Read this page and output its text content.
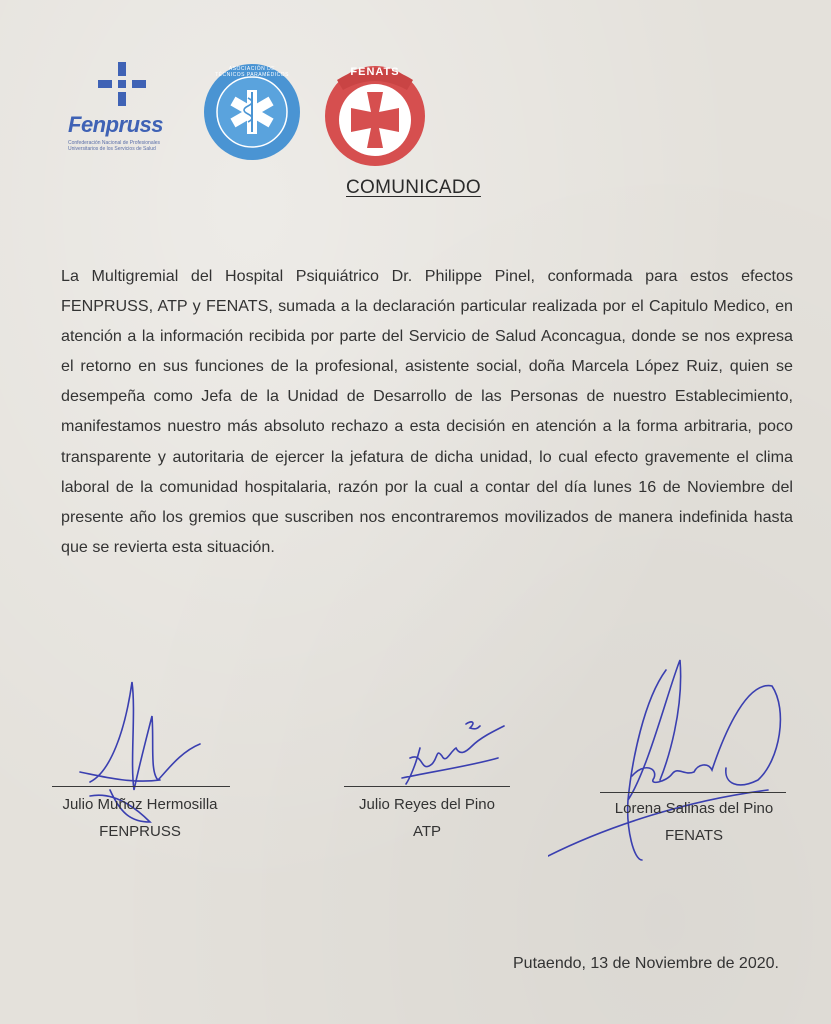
Fenpruss
Confederación Nacional de Profesionales Universitarios de los Servicios de Salud
ASOCIACIÓN DE TÉCNICOS PARAMÉDICOS	FENATS
COMUNICADO
La Multigremial del Hospital Psiquiátrico Dr. Philippe Pinel, conformada para estos efectos FENPRUSS, ATP y FENATS, sumada a la declaración particular realizada por el Capitulo Medico, en atención a la información recibida por parte del Servicio de Salud Aconcagua, donde se nos expresa el retorno en sus funciones de la profesional, asistente social, doña Marcela López Ruiz, quien se desempeña como Jefa de la Unidad de Desarrollo de las Personas de nuestro Establecimiento, manifestamos nuestro más absoluto rechazo a esta decisión en atención a la forma arbitraria, poco transparente y autoritaria de ejercer la jefatura de dicha unidad, lo cual efecto gravemente el clima laboral de la comunidad hospitalaria, razón por la cual a contar del día lunes 16 de Noviembre del presente año los gremios que suscriben nos encontraremos movilizados de manera indefinida hasta que se revierta esta situación.
Julio Muñoz Hermosilla
FENPRUSS
Julio Reyes del Pino
ATP
Lorena Salinas del Pino
FENATS
Putaendo, 13 de Noviembre de 2020.
